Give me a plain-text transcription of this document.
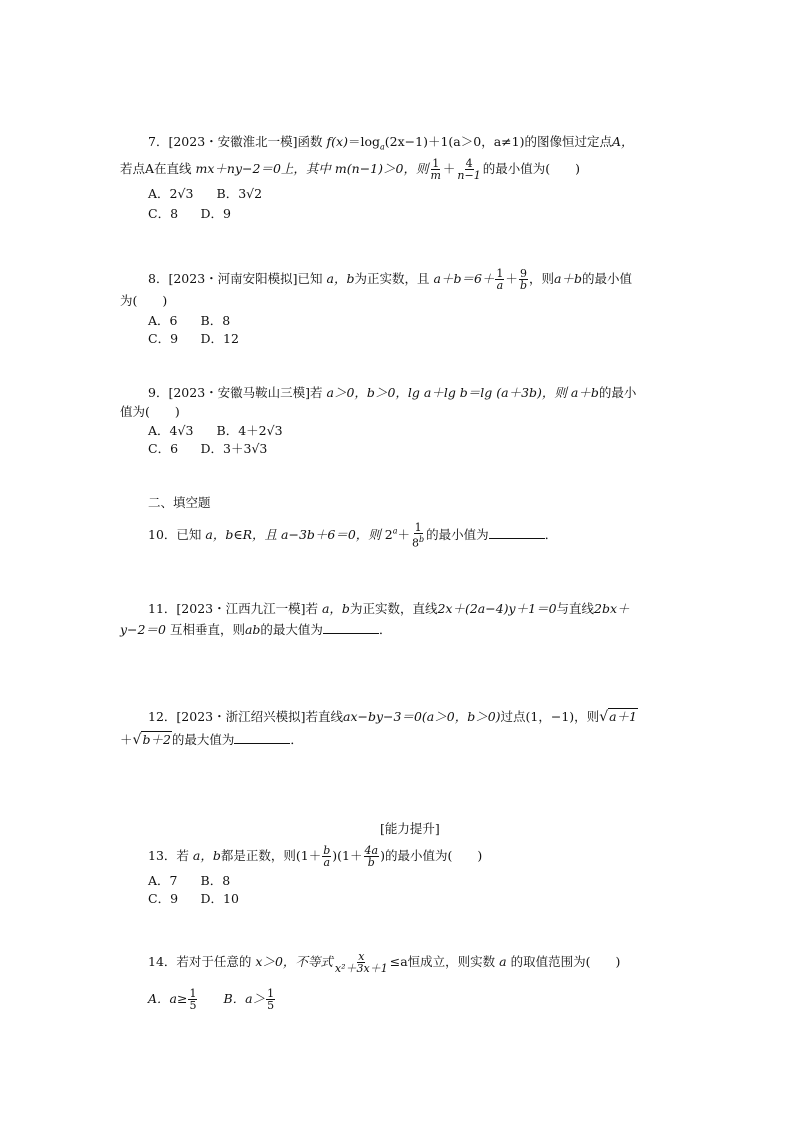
7．[2023・安徽淮北一模]函数 $f(x)=\log_a(2x-1)+1(a>0$，a≠1)的图像恒过定点A，
若点A在直线 mx＋ny−2＝0上，其中 m(n−1)＞0，则 $\frac{1}{m} + \frac{4}{n-1}$ 的最小值为(　　)
A．2√3　 B．3√2
C．8　 D．9
8．[2023・河南安阳模拟]已知 a，b为正实数，且 $a+b=6+ \frac{1}{a} + \frac{9}{b}$ ，则a＋b的最小值
为(　　)
A．6　 B．8
C．9　 D．12
9．[2023・安徽马鞍山三模]若 a＞0，b＞0，lg a＋lg b＝lg (a＋3b)，则 a＋b的最小
值为(　　)
A．4√3　 B．4＋2√3
C．6　 D．3＋3√3
二、填空题
10．已知 a，b∈R，且 a−3b＋6＝0，则 $2^a+ \frac{1}{8^b}$ 的最小值为	．
11．[2023・江西九江一模]若 a，b为正实数，直线2x＋(2a−4)y＋1＝0与直线2bx＋
y−2＝0 互相垂直，则ab的最大值为	．
12．[2023・浙江绍兴模拟]若直线ax−by−3＝0(a＞0，b＞0)过点(1，−1)，则√a＋1
＋√b＋2的最大值为	．
[能力提升]
13．若 a，b都是正数，则$(1+ \frac{b}{a} )(1+ \frac{4a}{b}$ )的最小值为(　　)
A．7　 B．8
C．9　 D．10
14．若对于任意的 x＞0，不等式 $\frac{x}{\text{x²＋3x＋1}} \le a$恒成立，则实数 a 的取值范围为(　　)
A．$a\ge \frac{1}{5}$
　　 B．$a> \frac{1}{5}$
